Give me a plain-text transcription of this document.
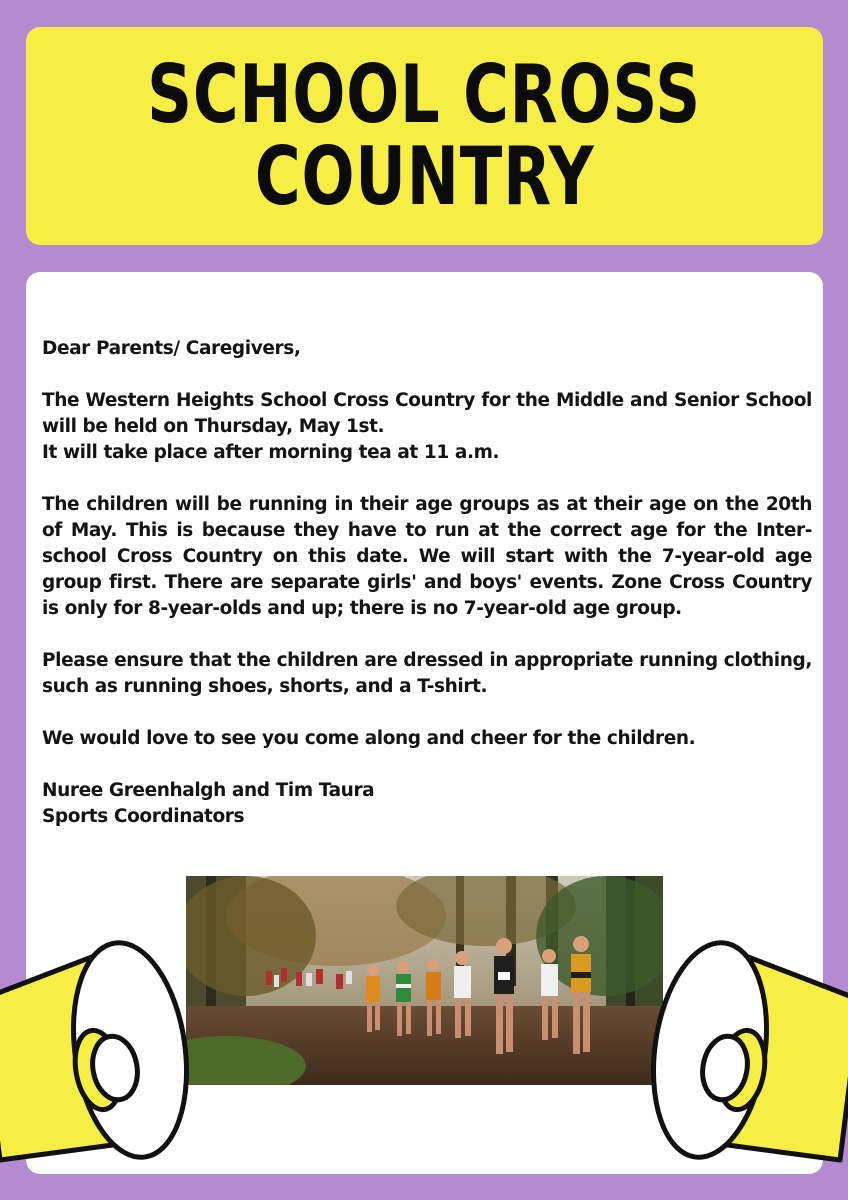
SCHOOL CROSS
COUNTRY

Dear Parents/ Caregivers,

The Western Heights School Cross Country for the Middle and Senior School will be held on Thursday, May 1st.
It will take place after morning tea at 11 a.m.

The children will be running in their age groups as at their age on the 20th of May. This is because they have to run at the correct age for the Inter-school Cross Country on this date. We will start with the 7-year-old age group first. There are separate girls' and boys' events. Zone Cross Country is only for 8-year-olds and up; there is no 7-year-old age group.

Please ensure that the children are dressed in appropriate running clothing, such as running shoes, shorts, and a T-shirt.

We would love to see you come along and cheer for the children.

Nuree Greenhalgh and Tim Taura
Sports Coordinators
